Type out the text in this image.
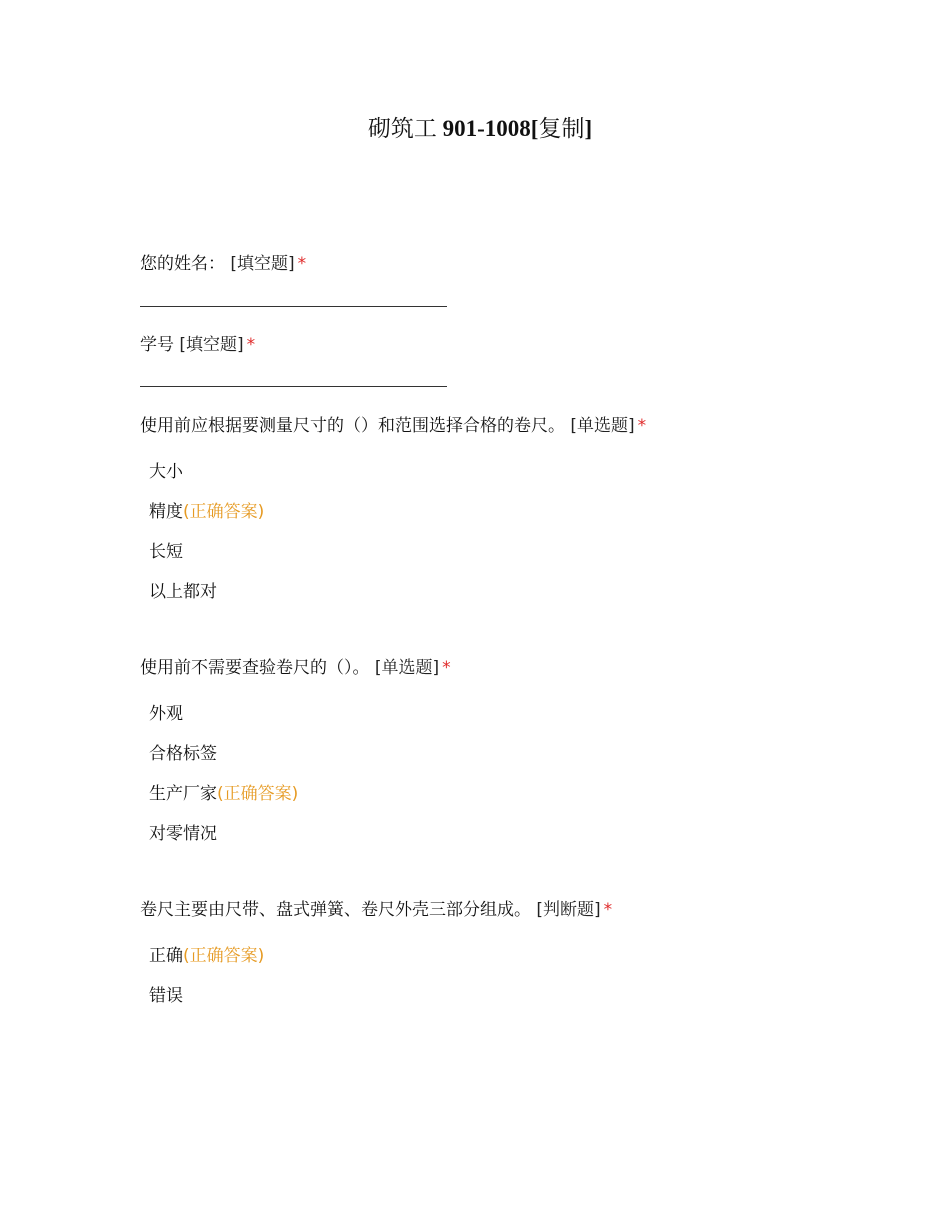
砌筑工 901-1008[复制]
您的姓名： [填空题] *
学号 [填空题] *
使用前应根据要测量尺寸的（）和范围选择合格的卷尺。 [单选题] *
大小
精度(正确答案)
长短
以上都对
使用前不需要查验卷尺的（）。 [单选题] *
外观
合格标签
生产厂家(正确答案)
对零情况
卷尺主要由尺带、盘式弹簧、卷尺外壳三部分组成。 [判断题] *
正确(正确答案)
错误
